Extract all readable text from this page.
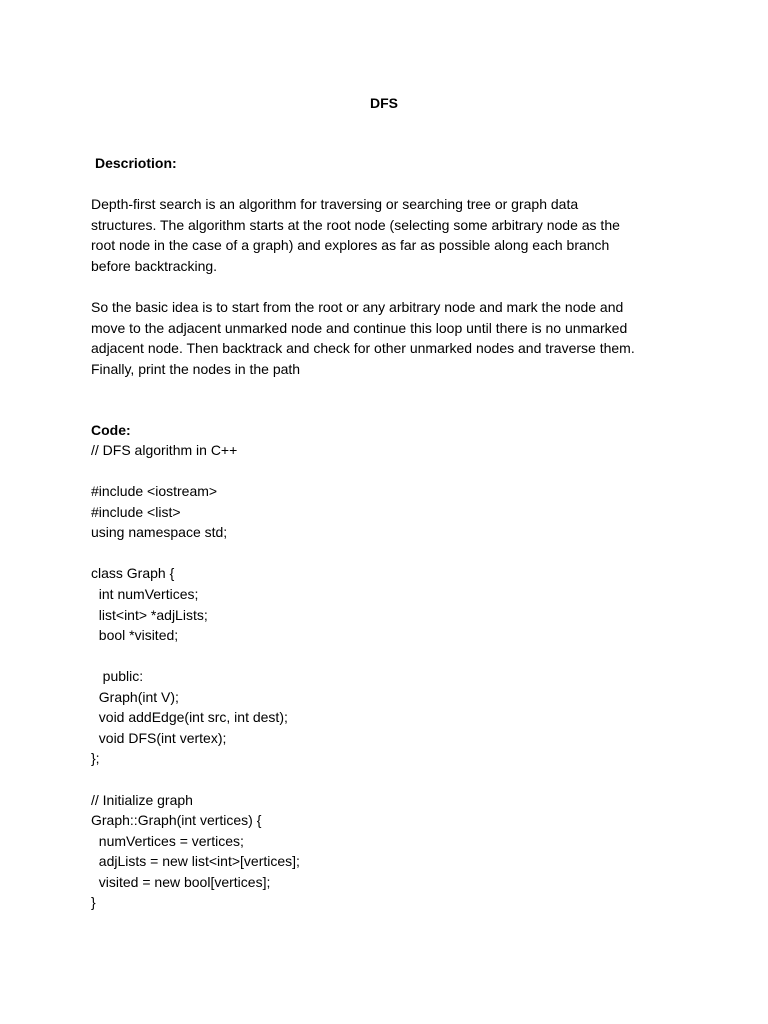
DFS
Descriotion:
Depth-first search is an algorithm for traversing or searching tree or graph data
structures. The algorithm starts at the root node (selecting some arbitrary node as the
root node in the case of a graph) and explores as far as possible along each branch
before backtracking.
So the basic idea is to start from the root or any arbitrary node and mark the node and
move to the adjacent unmarked node and continue this loop until there is no unmarked
adjacent node. Then backtrack and check for other unmarked nodes and traverse them.
Finally, print the nodes in the path
Code:
// DFS algorithm in C++
#include <iostream>
#include <list>
using namespace std;
class Graph {
int numVertices;
list<int> *adjLists;
bool *visited;
public:
Graph(int V);
void addEdge(int src, int dest);
void DFS(int vertex);
};
// Initialize graph
Graph::Graph(int vertices) {
numVertices = vertices;
adjLists = new list<int>[vertices];
visited = new bool[vertices];
}
